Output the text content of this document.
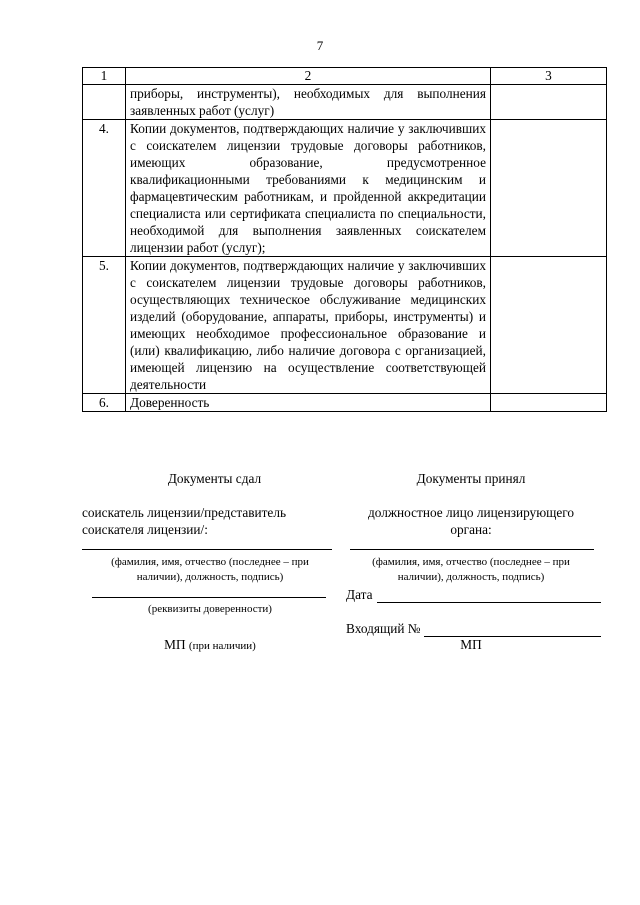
7
1	2	3
	приборы, инструменты), необходимых для выполнения заявленных работ (услуг)	
4.	Копии документов, подтверждающих наличие у заключивших с соискателем лицензии трудовые договоры работников, имеющих образование, предусмотренное квалификационными требованиями к медицинским и фармацевтическим работникам, и пройденной аккредитации специалиста или сертификата специалиста по специальности, необходимой для выполнения заявленных соискателем лицензии работ (услуг);	
5.	Копии документов, подтверждающих наличие у заключивших с соискателем лицензии трудовые договоры работников, осуществляющих техническое обслуживание медицинских изделий (оборудование, аппараты, приборы, инструменты) и имеющих необходимое профессиональное образование и (или) квалификацию, либо наличие договора с организацией, имеющей лицензию на осуществление соответствующей деятельности	
6.	Доверенность	
Документы сдал
соискатель лицензии/представитель
соискателя лицензии/:
(фамилия, имя, отчество (последнее – при
наличии), должность, подпись)
(реквизиты доверенности)
МП (при наличии)
Документы принял
должностное лицо лицензирующего
органа:
(фамилия, имя, отчество (последнее – при
наличии), должность, подпись)
Дата
Входящий №
МП
